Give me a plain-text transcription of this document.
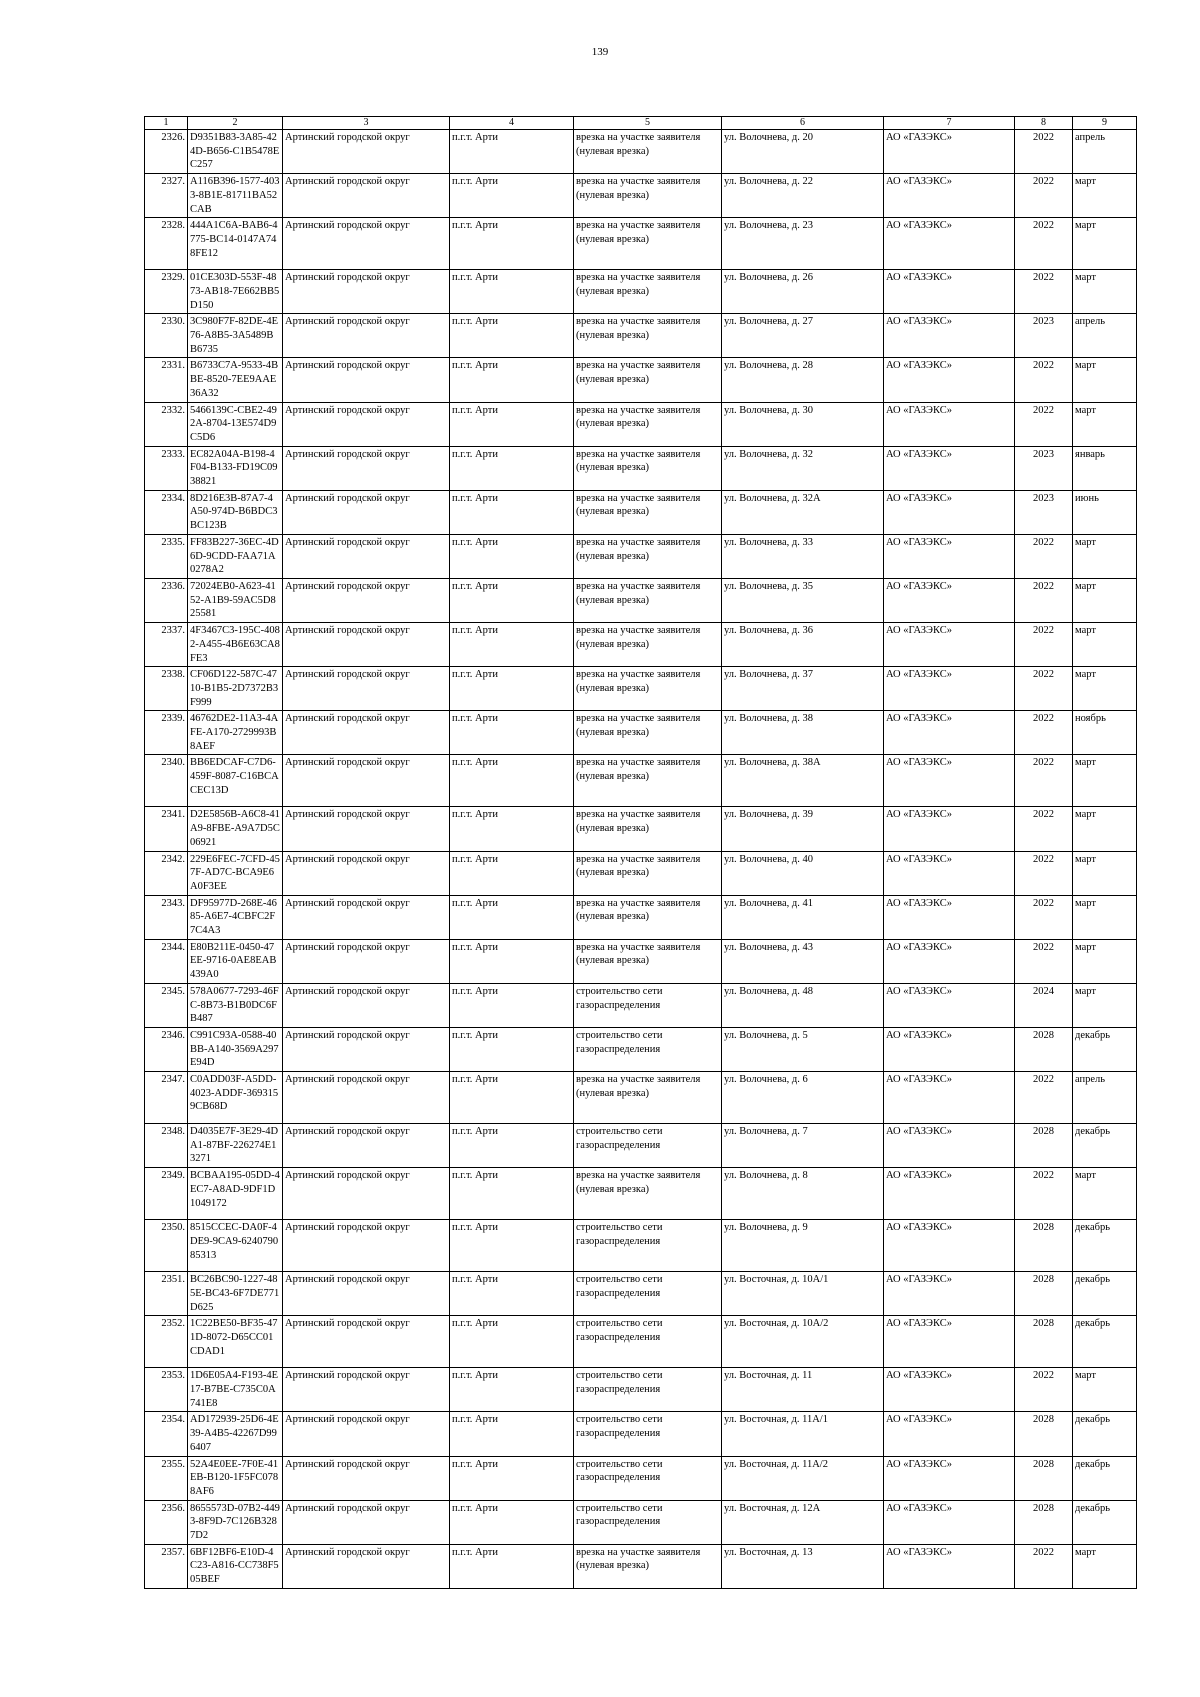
139
1	2	3	4	5	6	7	8	9
2326.	D9351B83-3A85-424D-B656-C1B5478EC257	Артинский городской округ	п.г.т. Арти	врезка на участке заявителя (нулевая врезка)	ул. Волочнева, д. 20	АО «ГАЗЭКС»	2022	апрель
2327.	A116B396-1577-4033-8B1E-81711BA52CAB	Артинский городской округ	п.г.т. Арти	врезка на участке заявителя (нулевая врезка)	ул. Волочнева, д. 22	АО «ГАЗЭКС»	2022	март
2328.	444A1C6A-BAB6-4775-BC14-0147A748FE12	Артинский городской округ	п.г.т. Арти	врезка на участке заявителя (нулевая врезка)	ул. Волочнева, д. 23	АО «ГАЗЭКС»	2022	март
2329.	01CE303D-553F-4873-AB18-7E662BB5D150	Артинский городской округ	п.г.т. Арти	врезка на участке заявителя (нулевая врезка)	ул. Волочнева, д. 26	АО «ГАЗЭКС»	2022	март
2330.	3C980F7F-82DE-4E76-A8B5-3A5489BB6735	Артинский городской округ	п.г.т. Арти	врезка на участке заявителя (нулевая врезка)	ул. Волочнева, д. 27	АО «ГАЗЭКС»	2023	апрель
2331.	B6733C7A-9533-4BBE-8520-7EE9AAE36A32	Артинский городской округ	п.г.т. Арти	врезка на участке заявителя (нулевая врезка)	ул. Волочнева, д. 28	АО «ГАЗЭКС»	2022	март
2332.	5466139C-CBE2-492A-8704-13E574D9C5D6	Артинский городской округ	п.г.т. Арти	врезка на участке заявителя (нулевая врезка)	ул. Волочнева, д. 30	АО «ГАЗЭКС»	2022	март
2333.	EC82A04A-B198-4F04-B133-FD19C0938821	Артинский городской округ	п.г.т. Арти	врезка на участке заявителя (нулевая врезка)	ул. Волочнева, д. 32	АО «ГАЗЭКС»	2023	январь
2334.	8D216E3B-87A7-4A50-974D-B6BDC3BC123B	Артинский городской округ	п.г.т. Арти	врезка на участке заявителя (нулевая врезка)	ул. Волочнева, д. 32А	АО «ГАЗЭКС»	2023	июнь
2335.	FF83B227-36EC-4D6D-9CDD-FAA71A0278A2	Артинский городской округ	п.г.т. Арти	врезка на участке заявителя (нулевая врезка)	ул. Волочнева, д. 33	АО «ГАЗЭКС»	2022	март
2336.	72024EB0-A623-4152-A1B9-59AC5D825581	Артинский городской округ	п.г.т. Арти	врезка на участке заявителя (нулевая врезка)	ул. Волочнева, д. 35	АО «ГАЗЭКС»	2022	март
2337.	4F3467C3-195C-4082-A455-4B6E63CA8FE3	Артинский городской округ	п.г.т. Арти	врезка на участке заявителя (нулевая врезка)	ул. Волочнева, д. 36	АО «ГАЗЭКС»	2022	март
2338.	CF06D122-587C-4710-B1B5-2D7372B3F999	Артинский городской округ	п.г.т. Арти	врезка на участке заявителя (нулевая врезка)	ул. Волочнева, д. 37	АО «ГАЗЭКС»	2022	март
2339.	46762DE2-11A3-4AFE-A170-2729993B8AEF	Артинский городской округ	п.г.т. Арти	врезка на участке заявителя (нулевая врезка)	ул. Волочнева, д. 38	АО «ГАЗЭКС»	2022	ноябрь
2340.	BB6EDCAF-C7D6-459F-8087-C16BCACEC13D	Артинский городской округ	п.г.т. Арти	врезка на участке заявителя (нулевая врезка)	ул. Волочнева, д. 38А	АО «ГАЗЭКС»	2022	март
2341.	D2E5856B-A6C8-41A9-8FBE-A9A7D5C06921	Артинский городской округ	п.г.т. Арти	врезка на участке заявителя (нулевая врезка)	ул. Волочнева, д. 39	АО «ГАЗЭКС»	2022	март
2342.	229E6FEC-7CFD-457F-AD7C-BCA9E6A0F3EE	Артинский городской округ	п.г.т. Арти	врезка на участке заявителя (нулевая врезка)	ул. Волочнева, д. 40	АО «ГАЗЭКС»	2022	март
2343.	DF95977D-268E-4685-A6E7-4CBFC2F7C4A3	Артинский городской округ	п.г.т. Арти	врезка на участке заявителя (нулевая врезка)	ул. Волочнева, д. 41	АО «ГАЗЭКС»	2022	март
2344.	E80B211E-0450-47EE-9716-0AE8EAB439A0	Артинский городской округ	п.г.т. Арти	врезка на участке заявителя (нулевая врезка)	ул. Волочнева, д. 43	АО «ГАЗЭКС»	2022	март
2345.	578A0677-7293-46FC-8B73-B1B0DC6FB487	Артинский городской округ	п.г.т. Арти	строительство сети газораспределения	ул. Волочнева, д. 48	АО «ГАЗЭКС»	2024	март
2346.	C991C93A-0588-40BB-A140-3569A297E94D	Артинский городской округ	п.г.т. Арти	строительство сети газораспределения	ул. Волочнева, д. 5	АО «ГАЗЭКС»	2028	декабрь
2347.	C0ADD03F-A5DD-4023-ADDF-3693159CB68D	Артинский городской округ	п.г.т. Арти	врезка на участке заявителя (нулевая врезка)	ул. Волочнева, д. 6	АО «ГАЗЭКС»	2022	апрель
2348.	D4035E7F-3E29-4DA1-87BF-226274E13271	Артинский городской округ	п.г.т. Арти	строительство сети газораспределения	ул. Волочнева, д. 7	АО «ГАЗЭКС»	2028	декабрь
2349.	BCBAA195-05DD-4EC7-A8AD-9DF1D1049172	Артинский городской округ	п.г.т. Арти	врезка на участке заявителя (нулевая врезка)	ул. Волочнева, д. 8	АО «ГАЗЭКС»	2022	март
2350.	8515CCEC-DA0F-4DE9-9CA9-624079085313	Артинский городской округ	п.г.т. Арти	строительство сети газораспределения	ул. Волочнева, д. 9	АО «ГАЗЭКС»	2028	декабрь
2351.	BC26BC90-1227-485E-BC43-6F7DE771D625	Артинский городской округ	п.г.т. Арти	строительство сети газораспределения	ул. Восточная, д. 10А/1	АО «ГАЗЭКС»	2028	декабрь
2352.	1C22BE50-BF35-471D-8072-D65CC01CDAD1	Артинский городской округ	п.г.т. Арти	строительство сети газораспределения	ул. Восточная, д. 10А/2	АО «ГАЗЭКС»	2028	декабрь
2353.	1D6E05A4-F193-4E17-B7BE-C735C0A741E8	Артинский городской округ	п.г.т. Арти	строительство сети газораспределения	ул. Восточная, д. 11	АО «ГАЗЭКС»	2022	март
2354.	AD172939-25D6-4E39-A4B5-42267D996407	Артинский городской округ	п.г.т. Арти	строительство сети газораспределения	ул. Восточная, д. 11А/1	АО «ГАЗЭКС»	2028	декабрь
2355.	52A4E0EE-7F0E-41EB-B120-1F5FC0788AF6	Артинский городской округ	п.г.т. Арти	строительство сети газораспределения	ул. Восточная, д. 11А/2	АО «ГАЗЭКС»	2028	декабрь
2356.	8655573D-07B2-4493-8F9D-7C126B3287D2	Артинский городской округ	п.г.т. Арти	строительство сети газораспределения	ул. Восточная, д. 12А	АО «ГАЗЭКС»	2028	декабрь
2357.	6BF12BF6-E10D-4C23-A816-CC738F505BEF	Артинский городской округ	п.г.т. Арти	врезка на участке заявителя (нулевая врезка)	ул. Восточная, д. 13	АО «ГАЗЭКС»	2022	март
